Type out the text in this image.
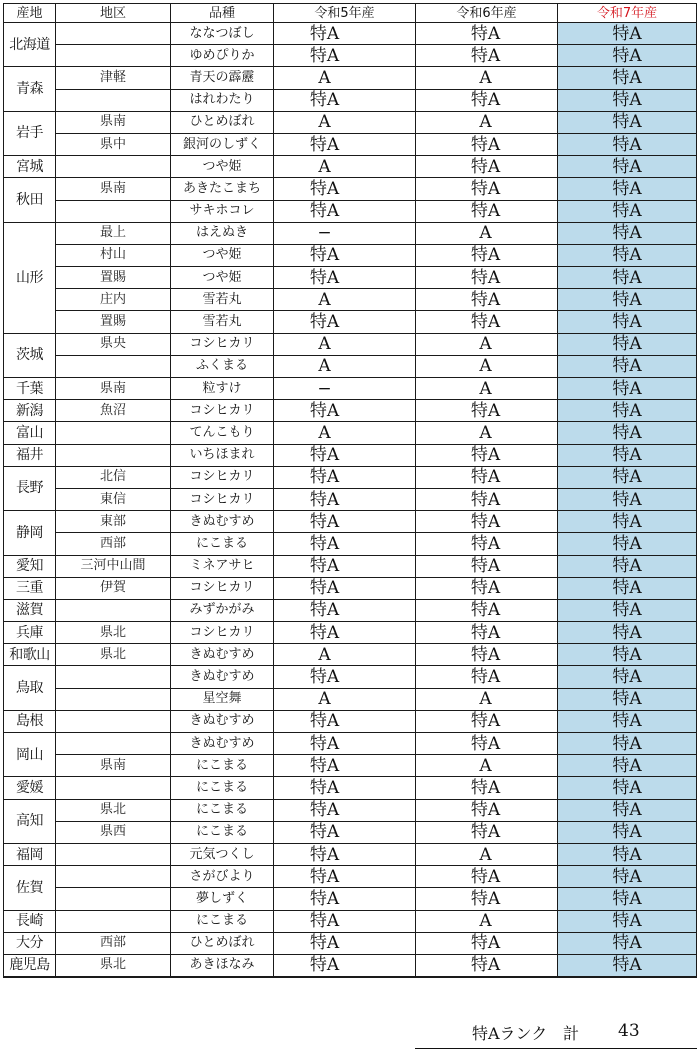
産地	地区	品種	令和5年産	令和6年産	令和7年産
北海道		ななつぼし	特A	特A	特A
		ゆめぴりか	特A	特A	特A
青森	津軽	青天の霹靂	A	A	特A
		はれわたり	特A	特A	特A
岩手	県南	ひとめぼれ	A	A	特A
	県中	銀河のしずく	特A	特A	特A
宮城		つや姫	A	特A	特A
秋田	県南	あきたこまち	特A	特A	特A
		サキホコレ	特A	特A	特A
山形	最上	はえぬき	−	A	特A
	村山	つや姫	特A	特A	特A
	置賜	つや姫	特A	特A	特A
	庄内	雪若丸	A	特A	特A
	置賜	雪若丸	特A	特A	特A
茨城	県央	コシヒカリ	A	A	特A
		ふくまる	A	A	特A
千葉	県南	粒すけ	−	A	特A
新潟	魚沼	コシヒカリ	特A	特A	特A
富山		てんこもり	A	A	特A
福井		いちほまれ	特A	特A	特A
長野	北信	コシヒカリ	特A	特A	特A
	東信	コシヒカリ	特A	特A	特A
静岡	東部	きぬむすめ	特A	特A	特A
	西部	にこまる	特A	特A	特A
愛知	三河中山間	ミネアサヒ	特A	特A	特A
三重	伊賀	コシヒカリ	特A	特A	特A
滋賀		みずかがみ	特A	特A	特A
兵庫	県北	コシヒカリ	特A	特A	特A
和歌山	県北	きぬむすめ	A	特A	特A
鳥取		きぬむすめ	特A	特A	特A
		星空舞	A	A	特A
島根		きぬむすめ	特A	特A	特A
岡山		きぬむすめ	特A	特A	特A
	県南	にこまる	特A	A	特A
愛媛		にこまる	特A	特A	特A
高知	県北	にこまる	特A	特A	特A
	県西	にこまる	特A	特A	特A
福岡		元気つくし	特A	A	特A
佐賀		さがびより	特A	特A	特A
		夢しずく	特A	特A	特A
長崎		にこまる	特A	A	特A
大分	西部	ひとめぼれ	特A	特A	特A
鹿児島	県北	あきほなみ	特A	特A	特A
特Aランク 計 43
